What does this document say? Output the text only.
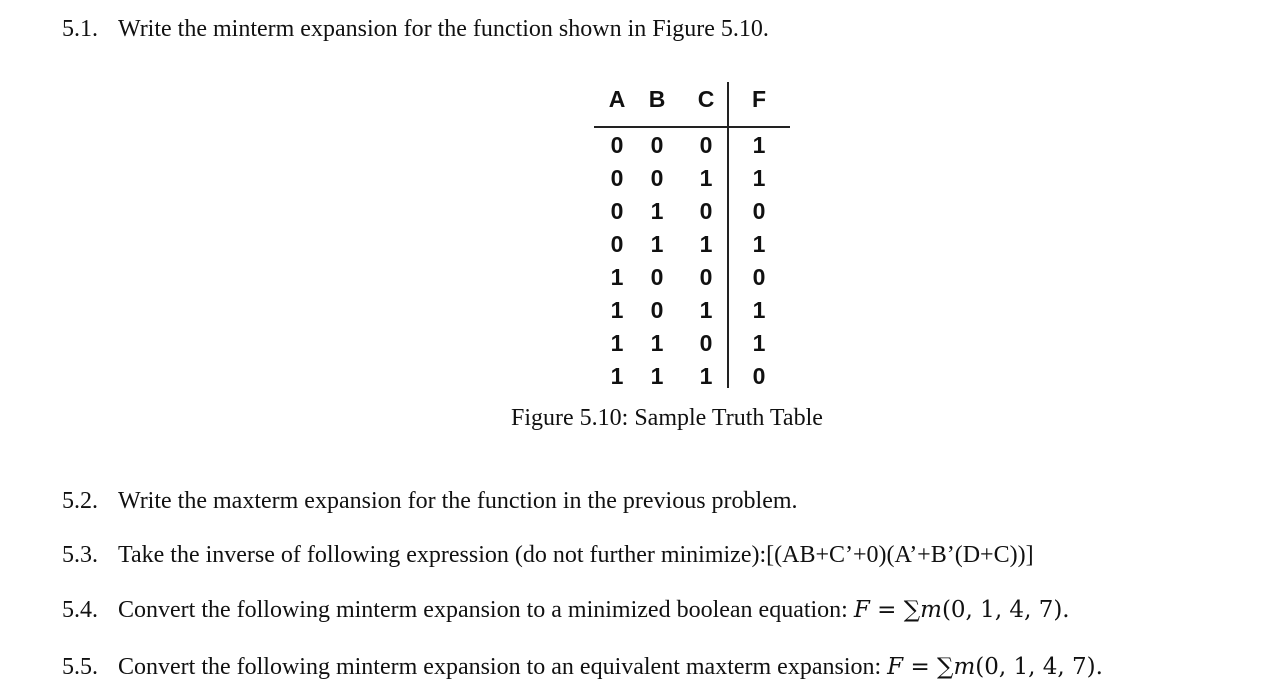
5.1. Write the minterm expansion for the function shown in Figure 5.10.
A B C	F
0	0	0	1
0	0	1	1
0	1	0	0
0	1	1	1
1	0	0	0
1	0	1	1
1	1	0	1
1	1	1	0
Figure 5.10: Sample Truth Table
5.2. Write the maxterm expansion for the function in the previous problem.
5.3. Take the inverse of following expression (do not further minimize):[(AB+C’+0)(A’+B’(D+C))]
5.4. Convert the following minterm expansion to a minimized boolean equation: F = ∑m(0, 1, 4, 7).
5.5. Convert the following minterm expansion to an equivalent maxterm expansion: F = ∑m(0, 1, 4, 7).
